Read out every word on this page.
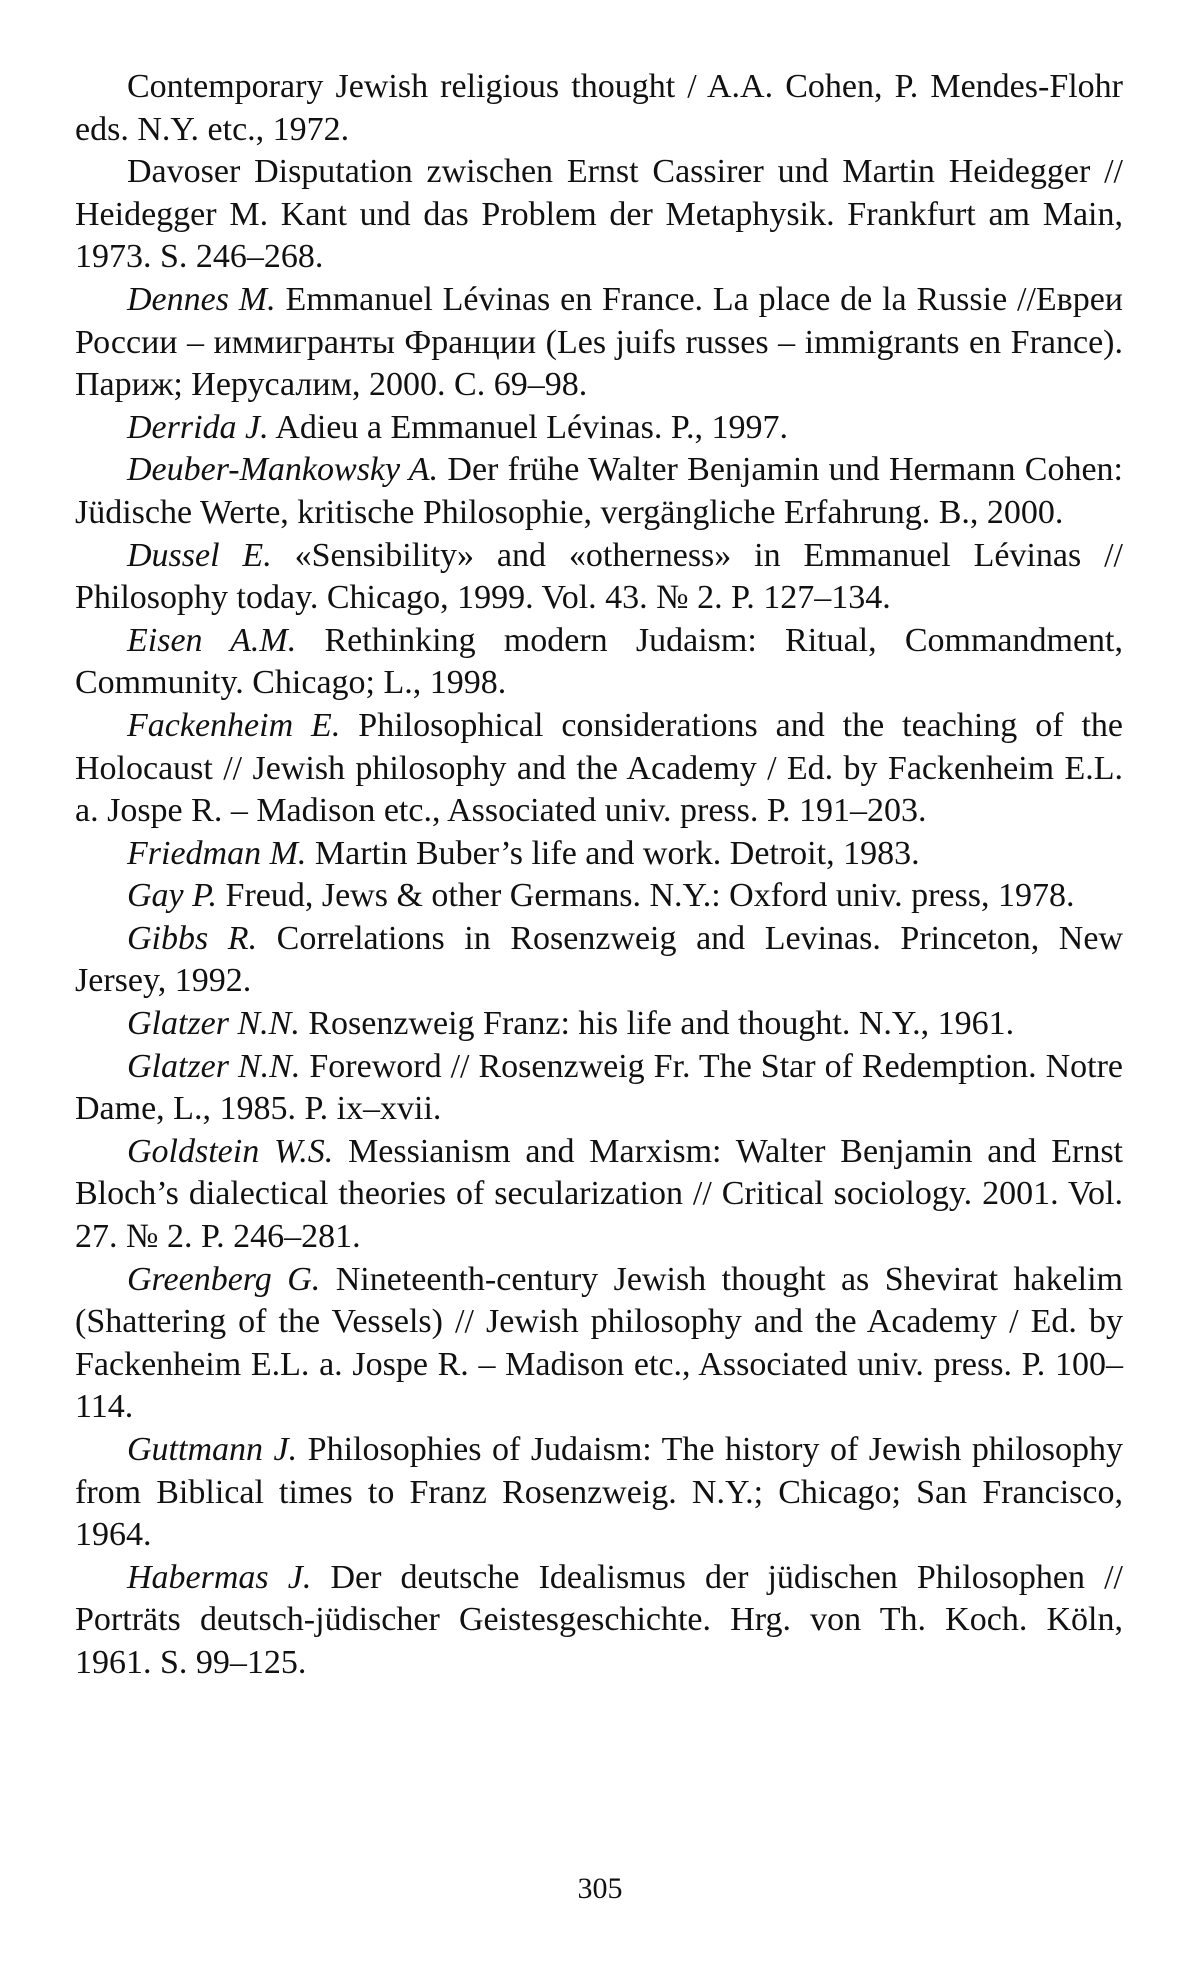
Contemporary Jewish religious thought / A.A. Cohen, P. Mendes-Flohr eds. N.Y. etc., 1972.

Davoser Disputation zwischen Ernst Cassirer und Martin Heidegger // Heidegger M. Kant und das Problem der Metaphysik. Frankfurt am Main, 1973. S. 246–268.

Dennes M. Emmanuel Lévinas en France. La place de la Russie //Евреи России – иммигранты Франции (Les juifs russes – immigrants en France). Париж; Иерусалим, 2000. С. 69–98.

Derrida J. Adieu a Emmanuel Lévinas. P., 1997.

Deuber-Mankowsky A. Der frühe Walter Benjamin und Hermann Cohen: Jüdische Werte, kritische Philosophie, vergängliche Erfahrung. B., 2000.

Dussel E. «Sensibility» and «otherness» in Emmanuel Lévinas // Philosophy today. Chicago, 1999. Vol. 43. № 2. P. 127–134.

Eisen A.M. Rethinking modern Judaism: Ritual, Commandment, Community. Chicago; L., 1998.

Fackenheim E. Philosophical considerations and the teaching of the Holocaust // Jewish philosophy and the Academy / Ed. by Fackenheim E.L. a. Jospe R. – Madison etc., Associated univ. press. P. 191–203.

Friedman M. Martin Buber’s life and work. Detroit, 1983.

Gay P. Freud, Jews & other Germans. N.Y.: Oxford univ. press, 1978.

Gibbs R. Correlations in Rosenzweig and Levinas. Princeton, New Jersey, 1992.

Glatzer N.N. Rosenzweig Franz: his life and thought. N.Y., 1961.

Glatzer N.N. Foreword // Rosenzweig Fr. The Star of Redemption. Notre Dame, L., 1985. P. ix–xvii.

Goldstein W.S. Messianism and Marxism: Walter Benjamin and Ernst Bloch’s dialectical theories of secularization // Critical sociology. 2001. Vol. 27. № 2. P. 246–281.

Greenberg G. Nineteenth-century Jewish thought as Shevirat hakelim (Shattering of the Vessels) // Jewish philosophy and the Academy / Ed. by Fackenheim E.L. a. Jospe R. – Madison etc., Associated univ. press. P. 100–114.

Guttmann J. Philosophies of Judaism: The history of Jewish philosophy from Biblical times to Franz Rosenzweig. N.Y.; Chicago; San Francisco, 1964.

Habermas J. Der deutsche Idealismus der jüdischen Philosophen // Porträts deutsch-jüdischer Geistesgeschichte. Hrg. von Th. Koch. Köln, 1961. S. 99–125.

305
